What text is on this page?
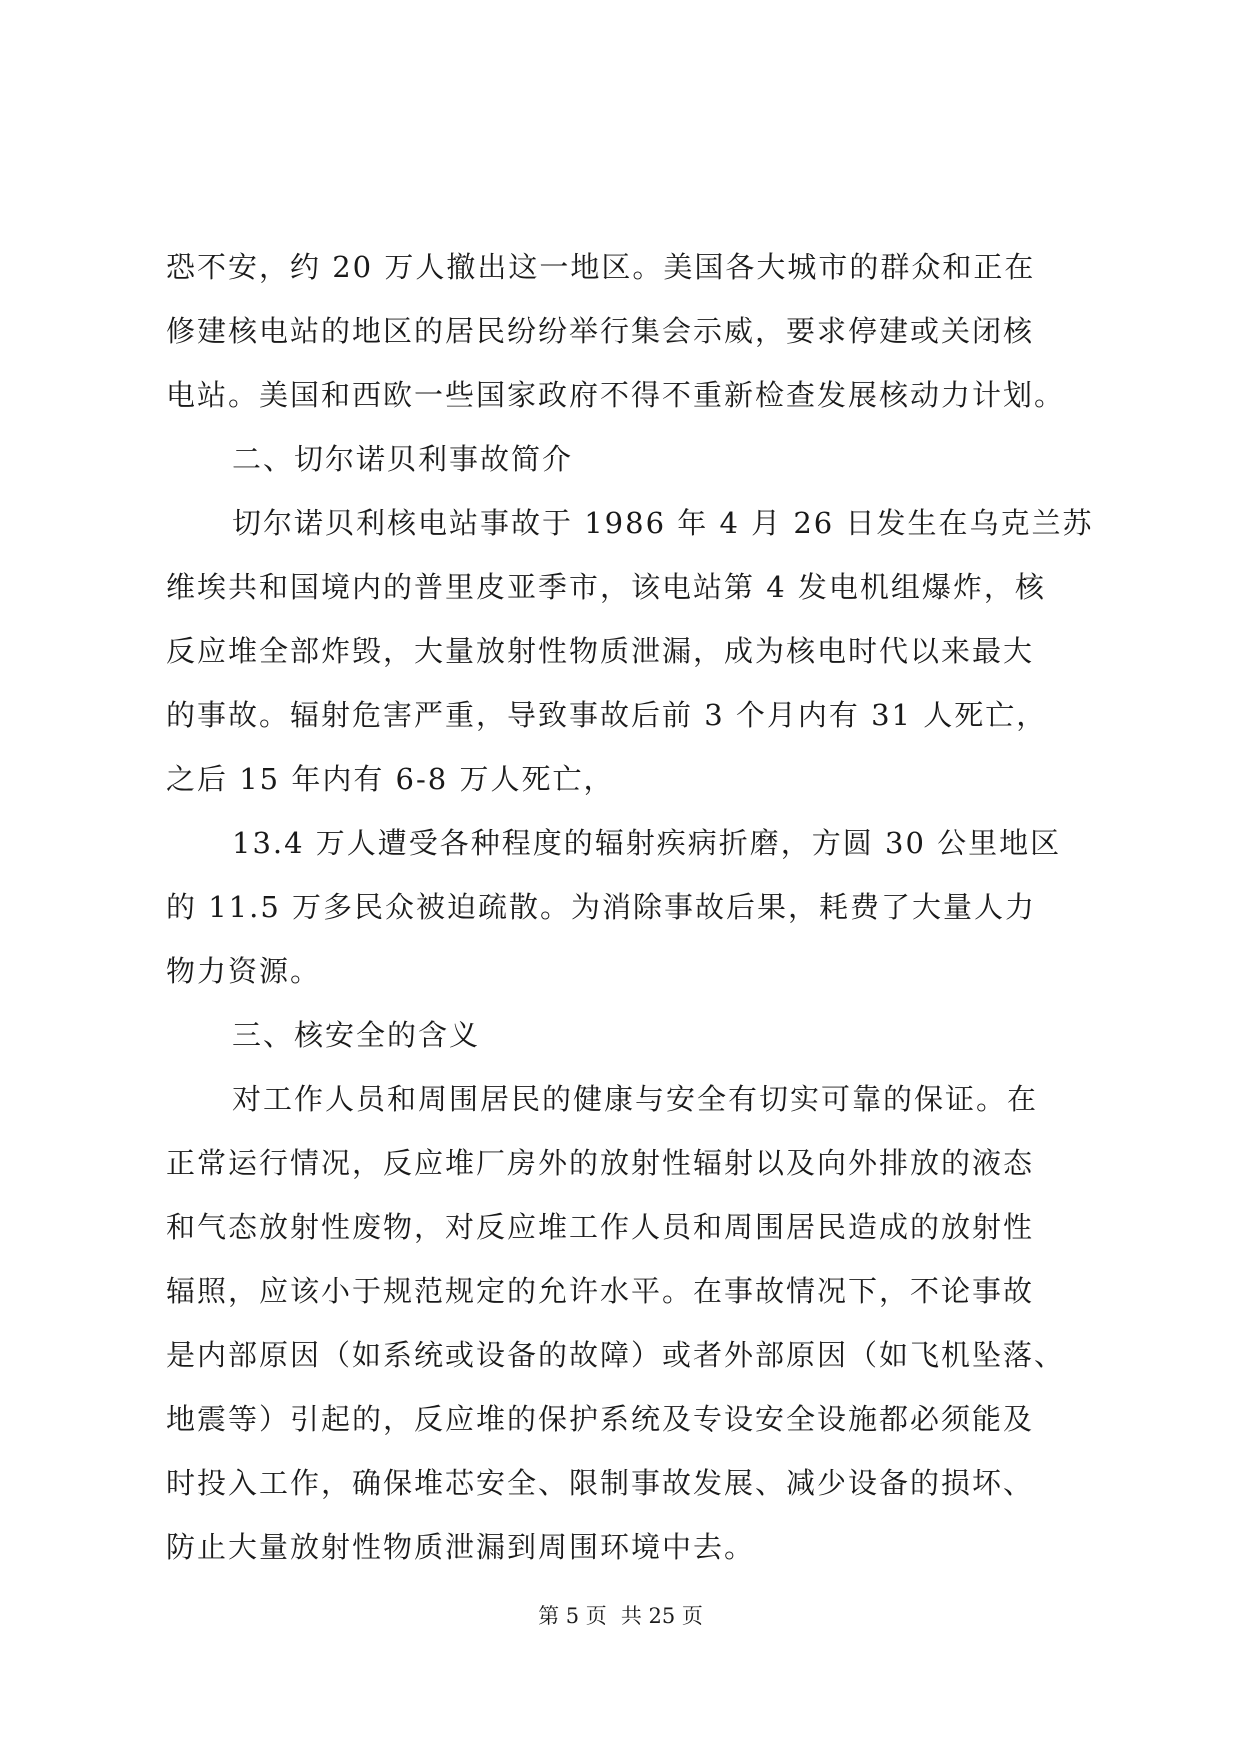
恐不安，约 20 万人撤出这一地区。美国各大城市的群众和正在
修建核电站的地区的居民纷纷举行集会示威，要求停建或关闭核
电站。美国和西欧一些国家政府不得不重新检查发展核动力计划。
二、切尔诺贝利事故简介
切尔诺贝利核电站事故于 1986 年 4 月 26 日发生在乌克兰苏
维埃共和国境内的普里皮亚季市，该电站第 4 发电机组爆炸，核
反应堆全部炸毁，大量放射性物质泄漏，成为核电时代以来最大
的事故。辐射危害严重，导致事故后前 3 个月内有 31 人死亡，
之后 15 年内有 6-8 万人死亡，
13.4 万人遭受各种程度的辐射疾病折磨，方圆 30 公里地区
的 11.5 万多民众被迫疏散。为消除事故后果，耗费了大量人力
物力资源。
三、核安全的含义
对工作人员和周围居民的健康与安全有切实可靠的保证。在
正常运行情况，反应堆厂房外的放射性辐射以及向外排放的液态
和气态放射性废物，对反应堆工作人员和周围居民造成的放射性
辐照，应该小于规范规定的允许水平。在事故情况下，不论事故
是内部原因（如系统或设备的故障）或者外部原因（如飞机坠落、
地震等）引起的，反应堆的保护系统及专设安全设施都必须能及
时投入工作，确保堆芯安全、限制事故发展、减少设备的损坏、
防止大量放射性物质泄漏到周围环境中去。
第 5 页 共 25 页
